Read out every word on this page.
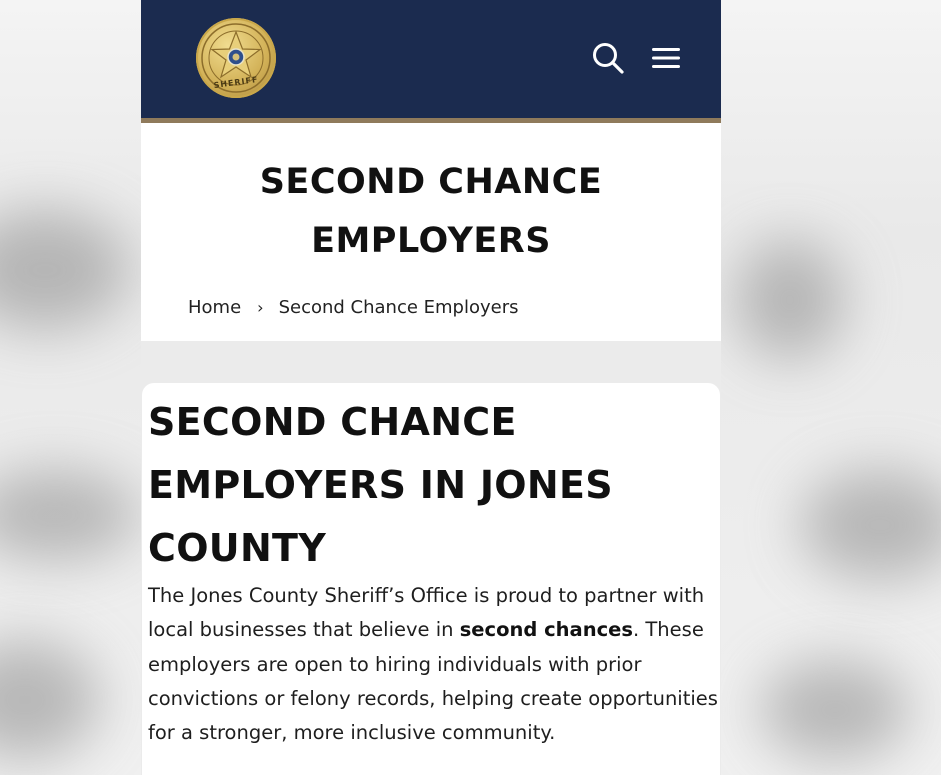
SHERIFF
SECOND CHANCE EMPLOYERS
Home › Second Chance Employers
SECOND CHANCE EMPLOYERS IN JONES COUNTY

The Jones County Sheriff’s Office is proud to partner with local businesses that believe in second chances. These employers are open to hiring individuals with prior convictions or felony records, helping create opportunities for a stronger, more inclusive community.
